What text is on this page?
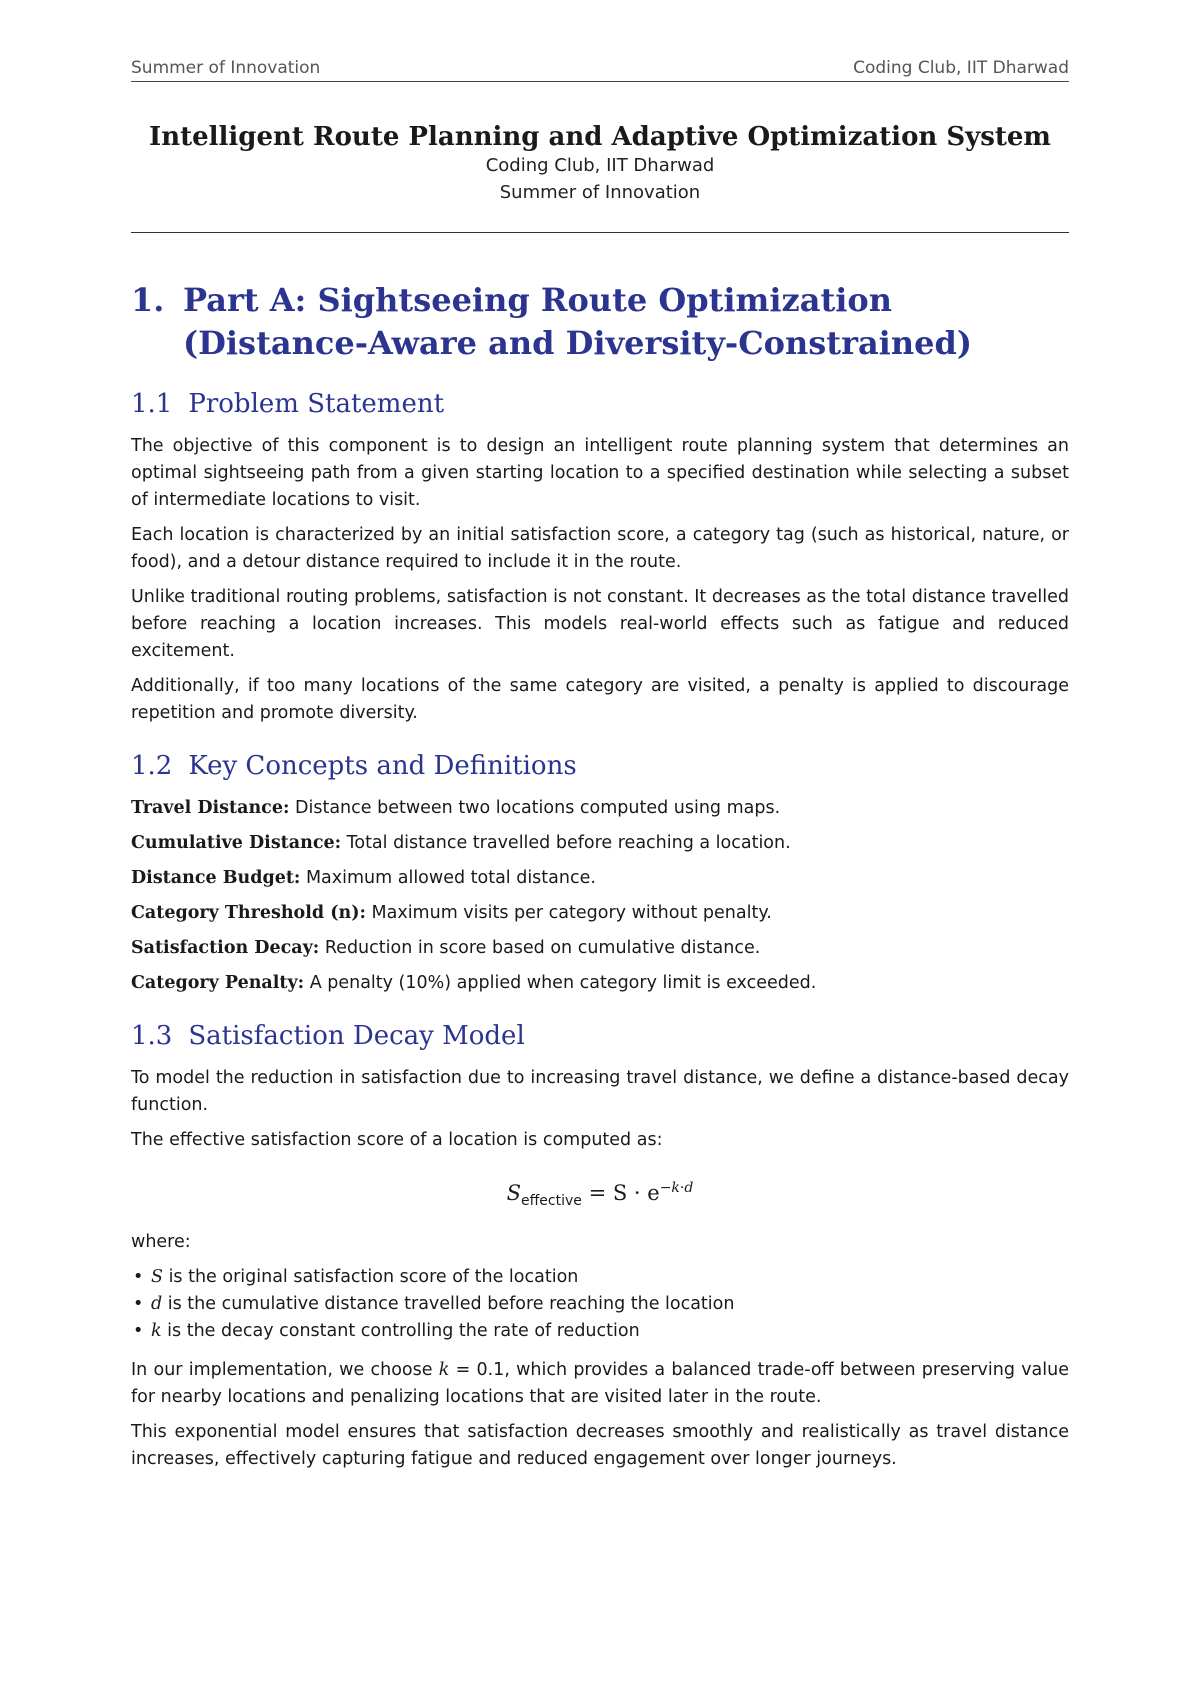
Summer of Innovation	Coding Club, IIT Dharwad
Intelligent Route Planning and Adaptive Optimization System
Coding Club, IIT Dharwad
Summer of Innovation
1. Part A: Sightseeing Route Optimization (Distance-Aware and Diversity-Constrained)
1.1 Problem Statement

The objective of this component is to design an intelligent route planning system that determines an optimal sightseeing path from a given starting location to a specified destination while selecting a subset of intermediate locations to visit.

Each location is characterized by an initial satisfaction score, a category tag (such as historical, nature, or food), and a detour distance required to include it in the route.

Unlike traditional routing problems, satisfaction is not constant. It decreases as the total distance travelled before reaching a location increases. This models real-world effects such as fatigue and reduced excitement.

Additionally, if too many locations of the same category are visited, a penalty is applied to discourage repetition and promote diversity.

1.2 Key Concepts and Definitions

Travel Distance: Distance between two locations computed using maps.

Cumulative Distance: Total distance travelled before reaching a location.

Distance Budget: Maximum allowed total distance.

Category Threshold (n): Maximum visits per category without penalty.

Satisfaction Decay: Reduction in score based on cumulative distance.

Category Penalty: A penalty (10%) applied when category limit is exceeded.

1.3 Satisfaction Decay Model

To model the reduction in satisfaction due to increasing travel distance, we define a distance-based decay function.

The effective satisfaction score of a location is computed as:

$S_{effective} = S \cdot e^{-k\cdot d}$

where:

• S is the original satisfaction score of the location
• d is the cumulative distance travelled before reaching the location
• k is the decay constant controlling the rate of reduction

In our implementation, we choose k = 0.1, which provides a balanced trade-off between preserving value for nearby locations and penalizing locations that are visited later in the route.

This exponential model ensures that satisfaction decreases smoothly and realistically as travel distance increases, effectively capturing fatigue and reduced engagement over longer journeys.
